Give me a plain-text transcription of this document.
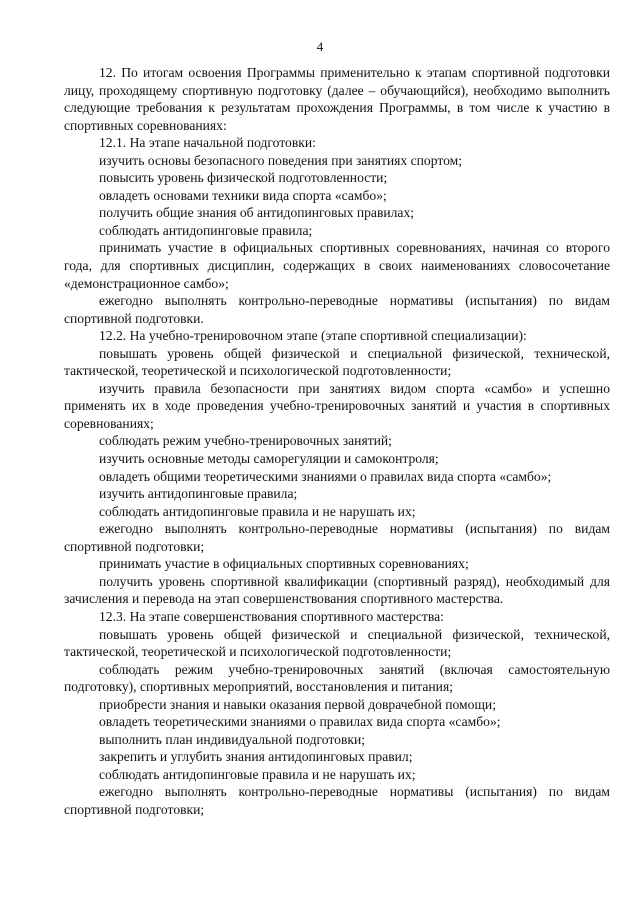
4

12. По итогам освоения Программы применительно к этапам спортивной подготовки лицу, проходящему спортивную подготовку (далее – обучающийся), необходимо выполнить следующие требования к результатам прохождения Программы, в том числе к участию в спортивных соревнованиях:

12.1. На этапе начальной подготовки:

изучить основы безопасного поведения при занятиях спортом;

повысить уровень физической подготовленности;

овладеть основами техники вида спорта «самбо»;

получить общие знания об антидопинговых правилах;

соблюдать антидопинговые правила;

принимать участие в официальных спортивных соревнованиях, начиная со второго года, для спортивных дисциплин, содержащих в своих наименованиях словосочетание «демонстрационное самбо»;

ежегодно выполнять контрольно-переводные нормативы (испытания) по видам спортивной подготовки.

12.2. На учебно-тренировочном этапе (этапе спортивной специализации):

повышать уровень общей физической и специальной физической, технической, тактической, теоретической и психологической подготовленности;

изучить правила безопасности при занятиях видом спорта «самбо» и успешно применять их в ходе проведения учебно-тренировочных занятий и участия в спортивных соревнованиях;

соблюдать режим учебно-тренировочных занятий;

изучить основные методы саморегуляции и самоконтроля;

овладеть общими теоретическими знаниями о правилах вида спорта «самбо»;

изучить антидопинговые правила;

соблюдать антидопинговые правила и не нарушать их;

ежегодно выполнять контрольно-переводные нормативы (испытания) по видам спортивной подготовки;

принимать участие в официальных спортивных соревнованиях;

получить уровень спортивной квалификации (спортивный разряд), необходимый для зачисления и перевода на этап совершенствования спортивного мастерства.

12.3. На этапе совершенствования спортивного мастерства:

повышать уровень общей физической и специальной физической, технической, тактической, теоретической и психологической подготовленности;

соблюдать режим учебно-тренировочных занятий (включая самостоятельную подготовку), спортивных мероприятий, восстановления и питания;

приобрести знания и навыки оказания первой доврачебной помощи;

овладеть теоретическими знаниями о правилах вида спорта «самбо»;

выполнить план индивидуальной подготовки;

закрепить и углубить знания антидопинговых правил;

соблюдать антидопинговые правила и не нарушать их;

ежегодно выполнять контрольно-переводные нормативы (испытания) по видам спортивной подготовки;
